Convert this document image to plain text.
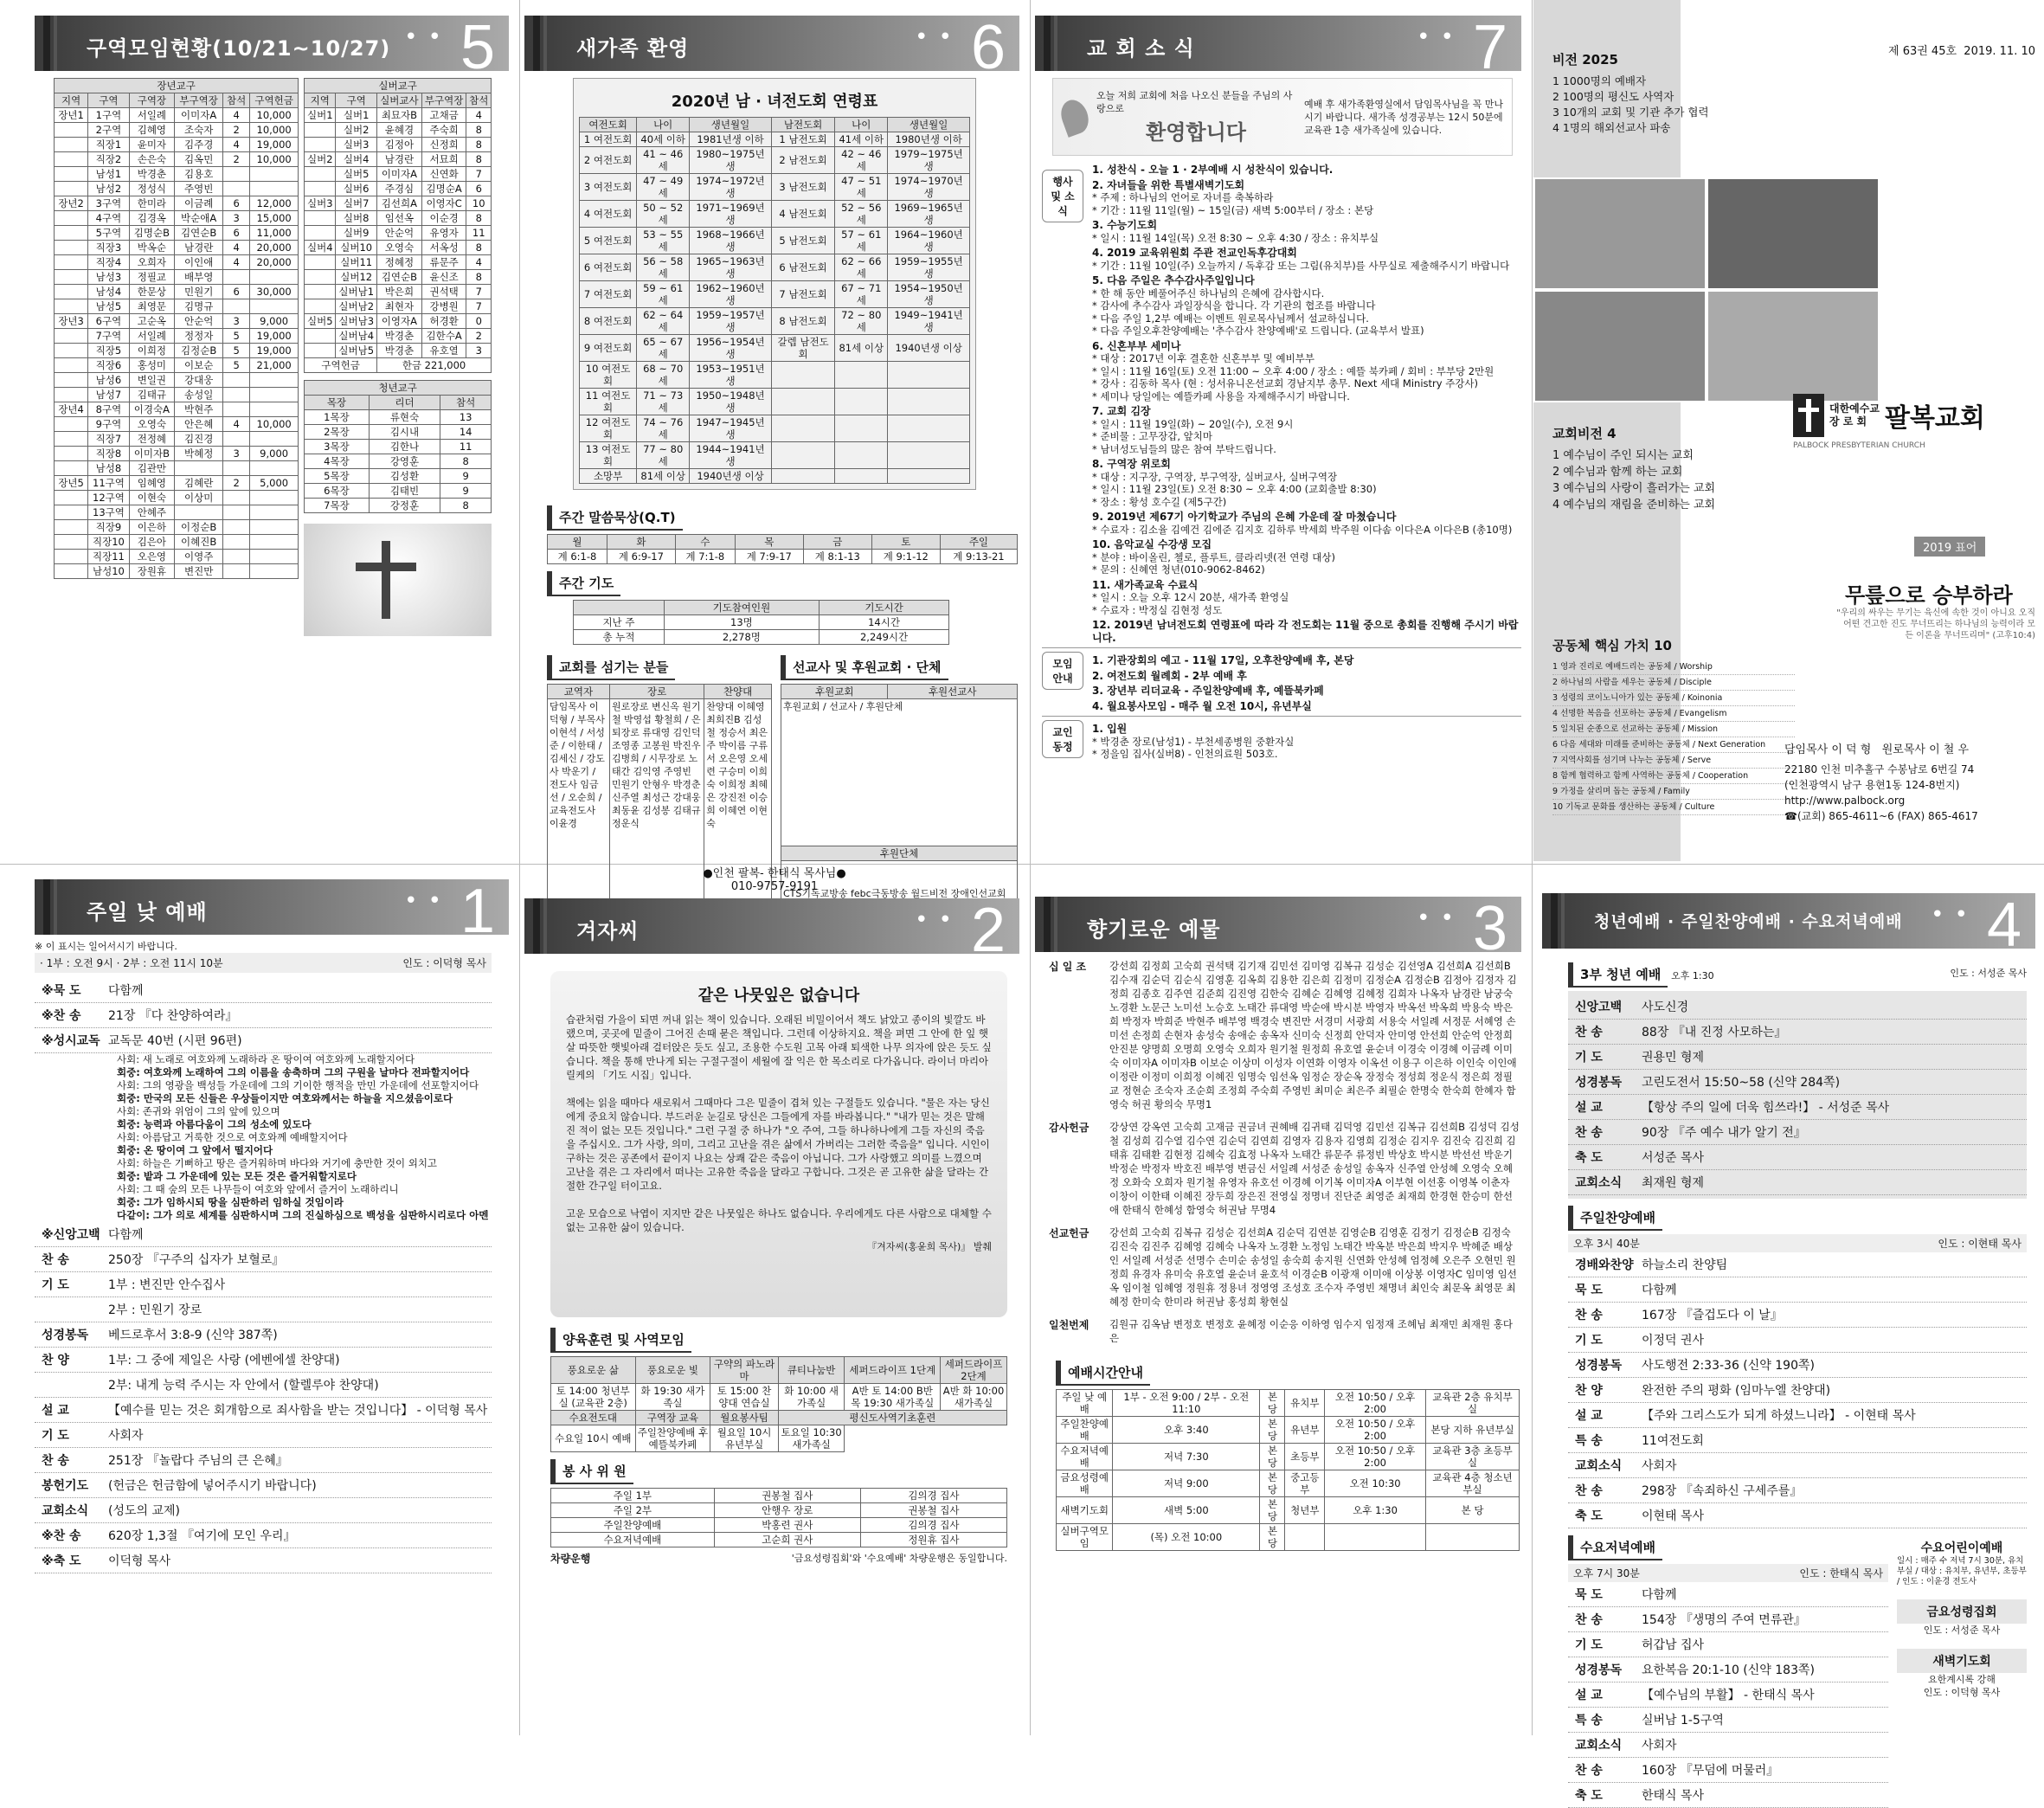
구역모임현황(10/21~10/27) • • 5
장년교구					
지역	구역	구역장	부구역장	참석	구역헌금
장년1	1구역	서일례	이미자A	4	10,000
	2구역	김혜영	조숙자	2	10,000
	직장1	윤미자	김주경	4	19,000
	직장2	손은숙	김옥민	2	10,000
	남성1	박경춘	김용호		
	남성2	정성식	주영빈		
장년2	3구역	한미라	이금례	6	12,000
	4구역	김경옥	박순애A	3	15,000
	5구역	김명순B	김연순B	6	11,000
	직장3	박옥순	남경란	4	20,000
	직장4	오희자	이인애	4	20,000
	남성3	정필교	배부영		
	남성4	한문상	민원기	6	30,000
	남성5	최영문	김명규		
장년3	6구역	고순옥	안순억	3	9,000
	7구역	서일례	정정자	5	19,000
	직장5	이희정	김정순B	5	19,000
	직장6	홍성미	이보순	5	21,000
	남성6	변일권	강대웅		
	남성7	김태규	송성일		
장년4	8구역	이경숙A	박현주		
	9구역	오영숙	안은혜	4	10,000
	직장7	전정혜	김진경		
	직장8	이미자B	박혜정	3	9,000
	남성8	김관만			
장년5	11구역	임혜영	김혜란	2	5,000
	12구역	이현숙	이상미		
	13구역	안혜주			
	직장9	이은하	이정순B		
	직장10	김은아	이혜진B		
	직장11	오은영	이영주		
	남성10	장원휴	변진만		
실버교구				
지역	구역	실버교사	부구역장	참석
실버1	실버1	최묘자B	고채금	4
	실버2	윤혜경	주숙희	8
	실버3	김정아	신정희	8
실버2	실버4	남경란	서묘희	8
	실버5	이미자A	신연화	7
	실버6	주경심	김명순A	6
실버3	실버7	김선희A	이영자C	10
	실버8	임선옥	이순경	8
	실버9	안순억	유영자	11
실버4	실버10	오영숙	서옥성	8
	실버11	정혜정	류문주	4
	실버12	김연순B	윤신조	8
	실버남1	박은희	권석택	7
	실버남2	최현자	강병원	7
실버5	실버남3	이영자A	허경환	0
	실버남4	박경춘	김한수A	2
	실버남5	박경춘	유호열	3
구역헌금		한금 221,000		
청년교구		
목장	리더	참석
1목장	류현숙	13
2목장	김시내	14
3목장	김한나	11
4목장	강영훈	8
5목장	김성환	9
6목장	김태빈	9
7목장	강정훈	8
새가족 환영	• • 6
2020년 남 · 녀전도회 연령표
여전도회	나이	생년월일	남전도회	나이	생년월일
1 여전도회	40세 이하	1981년생 이하	1 남전도회	41세 이하	1980년생 이하
2 여전도회	41 ~ 46세	1980~1975년생	2 남전도회	42 ~ 46세	1979~1975년생
3 여전도회	47 ~ 49세	1974~1972년생	3 남전도회	47 ~ 51세	1974~1970년생
4 여전도회	50 ~ 52세	1971~1969년생	4 남전도회	52 ~ 56세	1969~1965년생
5 여전도회	53 ~ 55세	1968~1966년생	5 남전도회	57 ~ 61세	1964~1960년생
6 여전도회	56 ~ 58세	1965~1963년생	6 남전도회	62 ~ 66세	1959~1955년생
7 여전도회	59 ~ 61세	1962~1960년생	7 남전도회	67 ~ 71세	1954~1950년생
8 여전도회	62 ~ 64세	1959~1957년생	8 남전도회	72 ~ 80세	1949~1941년생
9 여전도회	65 ~ 67세	1956~1954년생	갈렙 남전도회	81세 이상	1940년생 이상
10 여전도회	68 ~ 70세	1953~1951년생			
11 여전도회	71 ~ 73세	1950~1948년생			
12 여전도회	74 ~ 76세	1947~1945년생			
13 여전도회	77 ~ 80세	1944~1941년생			
소망부	81세 이상	1940년생 이상			
주간 말씀묵상(Q.T)
월	화	수	목	금	토	주일
계 6:1-8	계 6:9-17	계 7:1-8	계 7:9-17	계 8:1-13	계 9:1-12	계 9:13-21
주간 기도
	기도참여인원	기도시간
지난 주	13명	14시간
총 누적	2,278명	2,249시간
교회를 섬기는 분들
교역자	장로	찬양대
담임목사 이덕형 / 부목사 이현석 / 서성준 / 이한태 / 김세신 / 강도사 박운기 / 전도사 임금선 / 오순희 / 교육전도사 이윤경	원로장로 변신옥 원기철 박영섭 황철희 / 은퇴장로 류대영 김인덕 조영종 고봉원 박진우 김병희 / 시무장로 노태간 김익영 주영빈 민원기 안형우 박경춘 신주열 최성근 강대웅 최동윤 김성봉 김태규 정운식	찬양대 이혜영 최희진B 김성철 정승서 최은주 박이름 구류서 오은영 오세련 구승미 이희숙 이희정 최혜은 강진전 이승희 이혜연 이현숙
선교사 및 후원교회 · 단체
후원교회	후원선교사
후원교회 / 선교사 / 후원단체
후원단체
CTS기독교방송 febc극동방송 월드비전 장애인선교회
교 회 소 식	• • 7
오늘 저희 교회에 처음 나오신 분들을 주님의 사랑으로
환영합니다
예배 후 새가족환영실에서 담임목사님을 꼭 만나시기 바랍니다. 새가족 성경공부는 12시 50분에 교육관 1층 새가족실에 있습니다.
행사 및 소식
1. 성찬식 - 오늘 1 · 2부예배 시 성찬식이 있습니다.
2. 자녀들을 위한 특별새벽기도회
* 주제 : 하나님의 언어로 자녀를 축복하라
* 기간 : 11월 11일(월) ~ 15일(금) 새벽 5:00부터 / 장소 : 본당
3. 수능기도회
* 일시 : 11월 14일(목) 오전 8:30 ~ 오후 4:30 / 장소 : 유치부실
4. 2019 교육위원회 주관 전교인독후감대회
* 기간 : 11월 10일(주) 오늘까지 / 독후감 또는 그림(유치부)를 사무실로 제출해주시기 바랍니다
5. 다음 주일은 추수감사주일입니다
* 한 해 동안 베풀어주신 하나님의 은혜에 감사합시다.
* 감사에 추수감사 과일장식을 합니다. 각 기관의 협조를 바랍니다
* 다음 주일 1,2부 예배는 이벤트 원로목사님께서 설교하십니다.
* 다음 주일오후찬양예배는 '추수감사 찬양예배'로 드립니다. (교육부서 발표)
6. 신혼부부 세미나
* 대상 : 2017년 이후 결혼한 신혼부부 및 예비부부
* 일시 : 11월 16일(토) 오전 11:00 ~ 오후 4:00 / 장소 : 예뜰 북카페 / 회비 : 부부당 2만원
* 강사 : 김동하 목사 (현 : 성서유니온선교회 경남지부 총무. Next 세대 Ministry 주강사)
* 세미나 당일에는 예뜰카페 사용을 자제해주시기 바랍니다.
7. 교회 김장
* 일시 : 11월 19일(화) ~ 20일(수), 오전 9시
* 준비물 : 고무장갑, 앞치마
* 남녀성도님들의 많은 참여 부탁드립니다.
8. 구역장 위로회
* 대상 : 지구장, 구역장, 부구역장, 실버교사, 실버구역장
* 일시 : 11월 23일(토) 오전 8:30 ~ 오후 4:00 (교회출발 8:30)
* 장소 : 황성 호수길 (제5구간)
9. 2019년 제67기 아기학교가 주님의 은혜 가운데 잘 마쳤습니다
* 수료자 : 김소율 김예건 김에준 김지호 김하루 박세희 박주원 이다솜 이다은A 이다은B (총10명)
10. 음악교실 수강생 모집
* 분야 : 바이올린, 첼로, 플루트, 클라리넷(전 연령 대상)
* 문의 : 신혜연 청년(010-9062-8462)
11. 새가족교육 수료식
* 일시 : 오늘 오후 12시 20분, 새가족 환영실
* 수료자 : 박정실 김현정 성도
12. 2019년 남녀전도회 연령표에 따라 각 전도회는 11월 중으로 총회를 진행해 주시기 바랍니다.
모임 안내
1. 기관장회의 예고 - 11월 17일, 오후찬양예배 후, 본당
2. 여전도회 월례회 - 2부 예배 후
3. 장년부 리더교육 - 주일찬양예배 후, 예뜰북카페
4. 월요봉사모임 - 매주 월 오전 10시, 유년부실
교인 동정
1. 입원
* 박경춘 장로(남성1) - 부천세종병원 중환자실
* 정을임 집사(실버8) - 인천의료원 503호.
비전 2025
1 1000명의 예배자
2 100명의 평신도 사역자
3 10개의 교회 및 기관 추가 협력
4 1명의 해외선교사 파송
제 63권 45호 2019. 11. 10
교회비전 4
1 예수님이 주인 되시는 교회
2 예수님과 함께 하는 교회
3 예수님의 사랑이 흘러가는 교회
4 예수님의 재림을 준비하는 교회
대한예수교
장 로 회 팔복교회
PALBOCK PRESBYTERIAN CHURCH
2019 표어
무릎으로 승부하라
"우리의 싸우는 무기는 육신에 속한 것이 아니요 오직 어떤 견고한 진도 무너뜨리는 하나님의 능력이라 모든 이론을 무너뜨리며" (고후10:4)
공동체 핵심 가치 10
1 영과 진리로 예배드리는 공동체 / Worship
2 하나님의 사람을 세우는 공동체 / Disciple
3 성령의 코이노니아가 있는 공동체 / Koinonia
4 선명한 복음을 선포하는 공동체 / Evangelism
5 일치된 순종으로 선교하는 공동체 / Mission
6 다음 세대와 미래를 준비하는 공동체 / Next Generation
7 지역사회를 섬기며 나누는 공동체 / Serve
8 함께 협력하고 함께 사역하는 공동체 / Cooperation
9 가정을 살리며 돕는 공동체 / Family
10 기독교 문화를 생산하는 공동체 / Culture
담임목사 이 덕 형 원로목사 이 철 우
22180 인천 미추홀구 수봉남로 6번길 74
(인천광역시 남구 용현1동 124-8번지)
http://www.palbock.org
☎(교회) 865-4611~6 (FAX) 865-4617
주일 낮 예배	• • 1
※ 이 표시는 일어서시기 바랍니다.
· 1부 : 오전 9시 · 2부 : 오전 11시 10분	인도 : 이덕형 목사
※묵 도	다함께
※찬 송	21장 『다 찬양하여라』
※성시교독 교독문 40번 (시편 96편)
사회: 새 노래로 여호와께 노래하라 온 땅이여 여호와께 노래할지어다
회중: 여호와께 노래하여 그의 이름을 송축하며 그의 구원을 날마다 전파할지어다
사회: 그의 영광을 백성들 가운데에 그의 기이한 행적을 만민 가운데에 선포할지어다
회중: 만국의 모든 신들은 우상들이지만 여호와께서는 하늘을 지으셨음이로다
사회: 존귀와 위엄이 그의 앞에 있으며
회중: 능력과 아름다움이 그의 성소에 있도다
사회: 아름답고 거룩한 것으로 여호와께 예배할지어다
회중: 온 땅이여 그 앞에서 떨지어다
사회: 하늘은 기뻐하고 땅은 즐거워하며 바다와 거기에 충만한 것이 외치고
회중: 밭과 그 가운데에 있는 모든 것은 즐거워할지로다
사회: 그 때 숲의 모든 나무들이 여호와 앞에서 즐거이 노래하리니
회중: 그가 임하시되 땅을 심판하러 임하실 것임이라
다같이: 그가 의로 세계를 심판하시며 그의 진실하심으로 백성을 심판하시리로다 아멘
※신앙고백 다함께
찬 송	250장 『구주의 십자가 보혈로』
기 도	1부 : 변진만 안수집사
2부 : 민원기 장로
성경봉독	베드로후서 3:8-9 (신약 387쪽)
찬 양	1부: 그 중에 제일은 사랑 (에벤에셀 찬양대)
2부: 내게 능력 주시는 자 안에서 (할렐루야 찬양대)
설 교	【예수를 믿는 것은 회개함으로 죄사함을 받는 것입니다】 - 이덕형 목사
기 도	사회자
찬 송	251장 『놀랍다 주님의 큰 은혜』
봉헌기도	(헌금은 헌금함에 넣어주시기 바랍니다)
교회소식	(성도의 교제)
※찬 송	620장 1,3절 『여기에 모인 우리』
※축 도	이덕형 목사
●인천 팔복- 한태식 목사님●
010-9757-9191
겨자씨	• • 2
같은 나뭇잎은 없습니다
습관처럼 가을이 되면 꺼내 읽는 책이 있습니다. 오래된 비밀이어서 책도 낡았고 종이의 빛깔도 바랬으며, 곳곳에 밑줄이 그어진 손때 묻은 책입니다. 그런데 이상하지요. 책을 펴면 그 안에 한 잎 햇살 따뜻한 햇빛아래 걸터앉은 듯도 싶고, 조용한 수도원 고목 아래 퇴색한 나무 의자에 앉은 듯도 싶습니다. 책을 통해 만나게 되는 구절구절이 세월에 잘 익은 한 목소리로 다가옵니다. 라이너 마리아 릴케의 「기도 시집」입니다.

책에는 읽을 때마다 새로워서 그때마다 그은 밑줄이 겹쳐 있는 구절들도 있습니다. "물은 자는 당신에게 중요치 않습니다. 부드러운 눈길로 당신은 그들에게 자를 바라봅니다." "내가 믿는 것은 말해진 적이 없는 모든 것입니다." 그런 구절 중 하나가 "오 주여, 그들 하나하나에게 그들 자신의 죽음을 주십시오. 그가 사랑, 의미, 그리고 고난을 겪은 삶에서 가버리는 그러한 죽음을" 입니다. 시인이 구하는 것은 공존에서 끝이지 나요는 상쾌 같은 죽음이 아닙니다. 그가 사랑했고 의미를 느꼈으며 고난을 겪은 그 자리에서 떠나는 고유한 죽음을 달라고 구합니다. 그것은 곧 고유한 삶을 달라는 간절한 간구일 터이고요.

고운 모습으로 낙엽이 지지만 같은 나뭇잎은 하나도 없습니다. 우리에게도 다른 사람으로 대체할 수 없는 고유한 삶이 있습니다.
『겨자씨(홍윤희 목사)』 발췌
양육훈련 및 사역모임
풍요로운 삶	풍요로운 빛	구약의 파노라마	큐티나눔반	세퍼드라이프 1단계	세퍼드라이프 2단계
토 14:00 청년부실 (교육관 2층)	화 19:30 새가족실	토 15:00 찬양대 연습실	화 10:00 새가족실	A반 토 14:00 B반 목 19:30 새가족실	A반 화 10:00 새가족실
수요전도대	구역장 교육	월요봉사팀	평신도사역기초훈련		
수요일 10시 예배	주일찬양예배 후 예뜰북카페	월요일 10시 유년부실	토요일 10:30 새가족실		
봉 사 위 원
주일 1부	권봉철 집사	김의경 집사
주일 2부	안행우 장로	권봉철 집사
주일찬양예배	박홍련 권사	김의경 집사
수요저녁예배	고순희 권사	정원휴 집사
차량운행	'금요성령집회'와 '수요예배' 차량운행은 동일합니다.
향기로운 예물	• • 3
십 일 조	강선희 김정희 고숙희 권석택 김기재 김민선 김미영 김복규 김성순 김선영A 김선희A 김선희B 김수재 김순덕 김순식 김영훈 김옥희 김용한 김은희 김정미 김정순A 김정순B 김정아 김정자 김정희 김종호 김주연 김준희 김진영 김한숙 김혜순 김혜영 김혜정 김희자 나옥자 남경란 남궁숙 노경환 노문근 노미선 노승호 노태간 류대영 박순애 박시분 박영자 박옥선 박옥희 박용숙 박은희 박정자 박희준 박현주 배부영 백경숙 변진만 서경미 서광희 서용숙 서일례 서정문 서혜영 손미선 손정희 손현자 송성숙 송애순 송옥자 신미숙 신정희 안덕자 안미영 안선희 안순억 안정희 안진분 양명희 오명희 오영숙 오희자 원기철 원정희 유호열 윤순녀 이경숙 이경혜 이금례 이미숙 이미자A 이미자B 이보순 이상미 이성자 이연화 이영자 이옥선 이용구 이은하 이인숙 이인애 이정란 이정미 이희정 이혜진 임명숙 임선옥 임정순 장순옥 장정숙 정성희 정운식 정은희 정필교 정현순 조숙자 조순희 조정희 주숙희 주영빈 최미순 최은주 최필순 한명숙 한숙희 한혜자 함영숙 허권 황의숙 무명1
감사헌금	강상연 강옥연 고숙희 고재금 권금녀 권혜배 김귀태 김덕영 김민선 김복규 김선희B 김성덕 김성철 김성희 김수열 김수연 김순덕 김연희 김영자 김용자 김영희 김정순 김지우 김진숙 김진희 김태휴 김태환 김현정 김혜숙 김효정 나옥자 노태간 류문주 류정빈 박상호 박시분 박선선 박운기 박정순 박정자 박호진 배부영 변금신 서일례 서성준 송성일 송옥자 신주열 안성혜 오영숙 오혜정 오화숙 오희자 원기철 유영자 유호선 이경혜 이기복 이미자A 이부현 이선홍 이영복 이춘자 이창이 이한태 이혜진 장두희 장은진 전영실 정명녀 진단준 최영준 최재희 한경현 한승미 한선애 한태식 한혜성 함영숙 허권남 무명4
선교헌금	강선희 고숙희 김복규 김성순 김선희A 김순덕 김연분 김영순B 김영훈 김정기 김정순B 김정숙 김진숙 김진주 김혜영 김혜숙 나옥자 노경환 노정임 노태간 박옥분 박은희 박지우 박혜준 배상인 서일례 서성준 선명수 손미순 송성일 송숙희 송지원 신연화 안성혜 엄정혜 오은주 오현민 원정희 유경자 유미숙 유호열 윤순녀 윤호석 이경순B 이광재 이미애 이상봉 이영자C 임미영 임선옥 임이철 임혜영 정원휴 정용녀 정영영 조성호 조수자 주영빈 채명녀 최인숙 최문옥 최영문 최혜정 한미숙 한미라 허권남 홍성희 황현실
일천번제	김원규 김옥남 변정호 변정호 윤혜정 이순응 이하영 임수지 임정재 조혜님 최재민 최재원 홍다은
예배시간안내
주일 낮 예배	1부 - 오전 9:00 / 2부 - 오전 11:10	본 당	유치부	오전 10:50 / 오후 2:00	교육관 2층 유치부실
주일찬양예배	오후 3:40	본 당	유년부	오전 10:50 / 오후 2:00	본당 지하 유년부실
수요저녁예배	저녁 7:30	본 당	초등부	오전 10:50 / 오후 2:00	교육관 3층 초등부실
금요성령예배	저녁 9:00	본 당	중고등부	오전 10:30	교육관 4층 청소년부실
새벽기도회	새벽 5:00	본 당	청년부	오후 1:30	본 당
실버구역모임	(목) 오전 10:00	본 당			
청년예배 · 주일찬양예배 · 수요저녁예배 • • 4
3부 청년 예배 오후 1:30	인도 : 서성준 목사
신앙고백	사도신경
찬 송	88장 『내 진정 사모하는』
기 도	권용민 형제
성경봉독	고린도전서 15:50~58 (신약 284쪽)
설 교	【항상 주의 일에 더욱 힘쓰라!】 - 서성준 목사
찬 송	90장 『주 예수 내가 알기 전』
축 도	서성준 목사
교회소식	최재원 형제
주일찬양예배
오후 3시 40분	인도 : 이현태 목사
경배와찬양 하늘소리 찬양팀
묵 도	다함께
찬 송	167장 『즐겁도다 이 날』
기 도	이정덕 권사
성경봉독	사도행전 2:33-36 (신약 190쪽)
찬 양	완전한 주의 평화 (임마누엘 찬양대)
설 교	【주와 그리스도가 되게 하셨느니라】 - 이현태 목사
특 송	11여전도회
교회소식	사회자
찬 송	298장 『속죄하신 구세주를』
축 도	이현태 목사
수요저녁예배
오후 7시 30분	인도 : 한태식 목사
묵 도	다함께
찬 송	154장 『생명의 주여 면류관』
기 도	허갑남 집사
성경봉독	요한복음 20:1-10 (신약 183쪽)
설 교	【예수님의 부활】 - 한태식 목사
특 송	실버남 1-5구역
교회소식	사회자
찬 송	160장 『무덤에 머물러』
축 도	한태식 목사
수요어린이예배
일시 : 매주 수 저녁 7시 30분, 유치부실 / 대상 : 유치부, 유년부, 초등부 / 인도 : 이윤경 전도사
금요성령집회
인도 : 서성준 목사
새벽기도회
요한계시록 강해
인도 : 이덕형 목사
